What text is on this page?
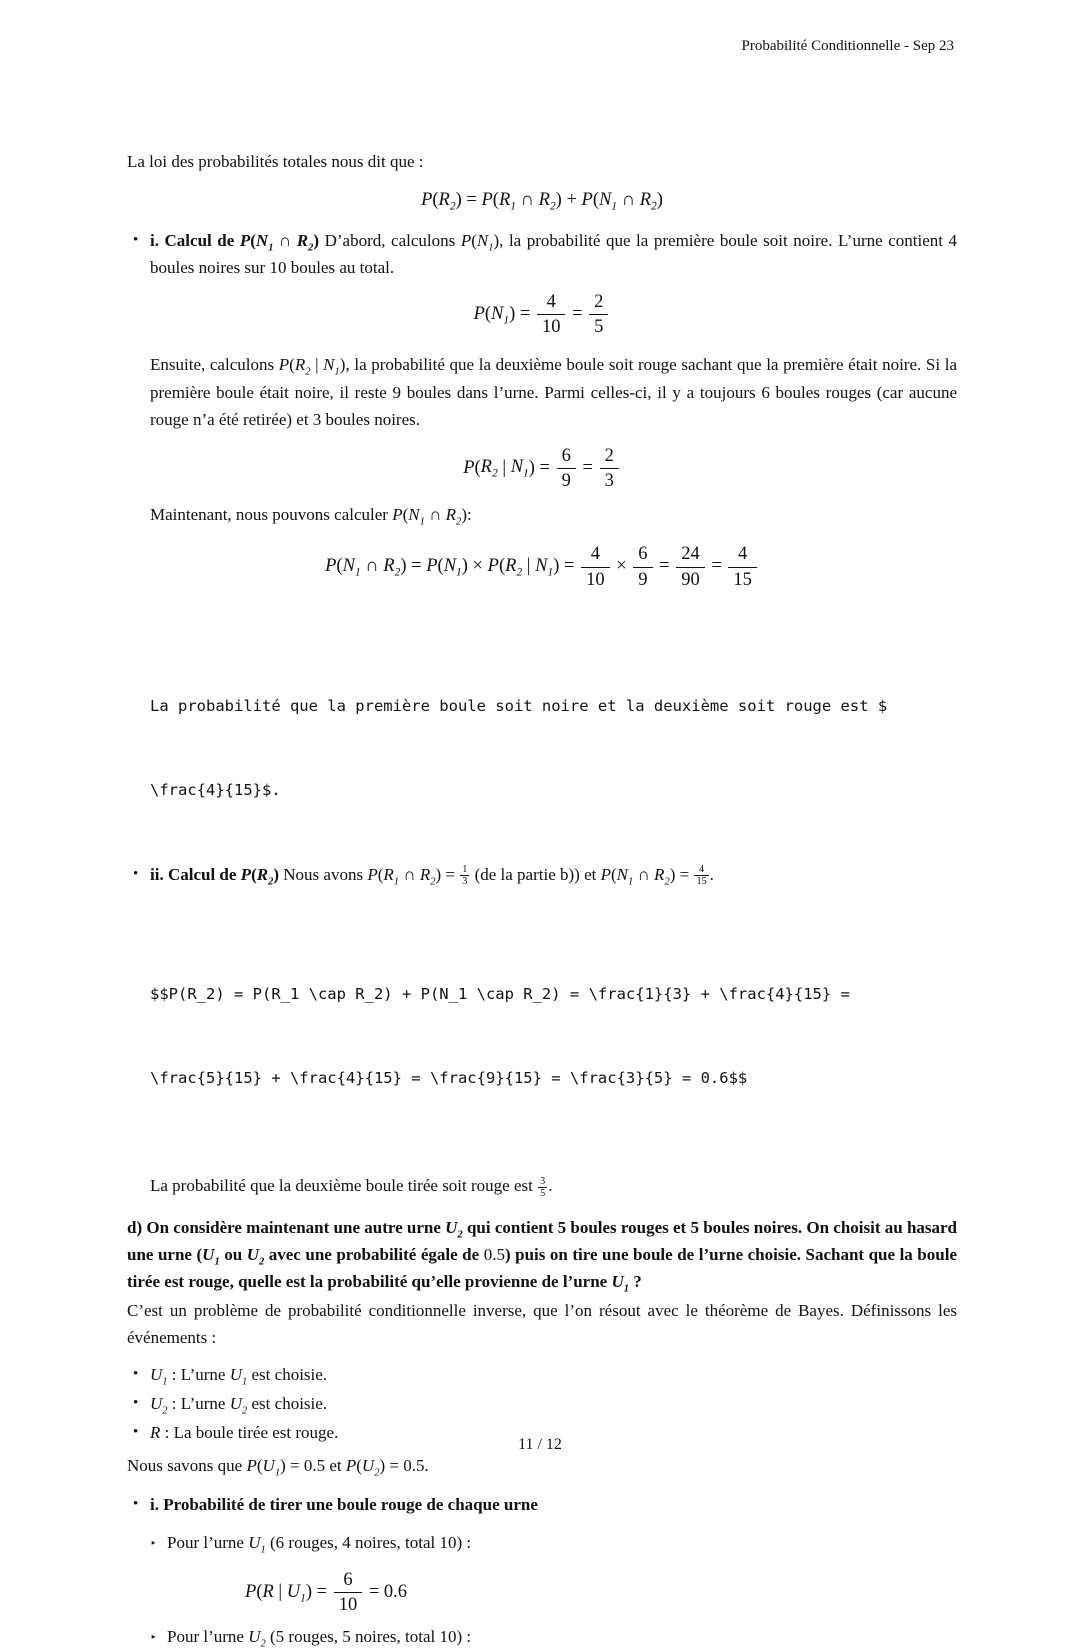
Probabilité Conditionnelle - Sep 23
La loi des probabilités totales nous dit que :
$P(R_2) = P(R_1$ ∩ $R_2) + P(N_1$ ∩ $R_2$)
• i. Calcul de $P(N_1$ ∩ $R_2$) D’abord, calculons $P(N_1)$, la probabilité que la première boule soit noire. L’urne contient 4 boules noires sur 10 boules au total.
$P(N_1) = \frac{4}{10} = \frac{2}{5}$
Ensuite, calculons $P(R_2$ | $N_1$), la probabilité que la deuxième boule soit rouge sachant que la première était noire. Si la première boule était noire, il reste 9 boules dans l’urne. Parmi celles-ci, il y a toujours 6 boules rouges (car aucune rouge n’a été retirée) et 3 boules noires.
$P(R_2$ | $N_1) = \frac{6}{9} = \frac{2}{3}$
Maintenant, nous pouvons calculer $P(N_1$ ∩ $R_2$):
$P(N_1$ ∩ $R_2) = P(N_1) \times P(R_2$ | $N_1) = \frac{4}{10} \times \frac{6}{9} = \frac{24}{90} = \frac{4}{15}$

La probabilité que la première boule soit noire et la deuxième soit rouge est $

\frac{4}{15}$.

• ii. Calcul de $P(R_2)$ Nous avons $P(R_1$ ∩ $R_2) = \frac{1}{3} (de$ la partie b)) et $P(N_1$ ∩ $R_2) = \frac{4}{15}$ .

$$P(R_2) = P(R_1 \cap R_2) + P(N_1 \cap R_2) = \frac{1}{3} + \frac{4}{15} =

\frac{5}{15} + \frac{4}{15} = \frac{9}{15} = \frac{3}{5} = 0.6$$

La probabilité que la deuxième boule tirée soit rouge est $\frac{3}{5}$ .
d) On considère maintenant une autre urne $U_2$ qui contient 5 boules rouges et 5 boules noires. On choisit au hasard une urne ($U_1$ ou $U_2$ avec une probabilité égale de 0.5) puis on tire une boule de l’urne choisie. Sachant que la boule tirée est rouge, quelle est la probabilité qu’elle provienne de l’urne $U_1$ ?
C’est un problème de probabilité conditionnelle inverse, que l’on résout avec le théorème de Bayes. Définissons les événements :
• $U_1$ : L’urne $U_1$ est choisie.
• $U_2$ : L’urne $U_2$ est choisie.
• R : La boule tirée est rouge.
Nous savons que $P(U_1) = 0.5$ et $P(U_2) = 0.5$.
• i. Probabilité de tirer une boule rouge de chaque urne
‣ Pour l’urne $U_1$ (6 rouges, 4 noires, total 10) :
P(R | $U_1) = \frac{6}{10} = 0.6$
‣ Pour l’urne $U_2$ (5 rouges, 5 noires, total 10) :
11 / 12
